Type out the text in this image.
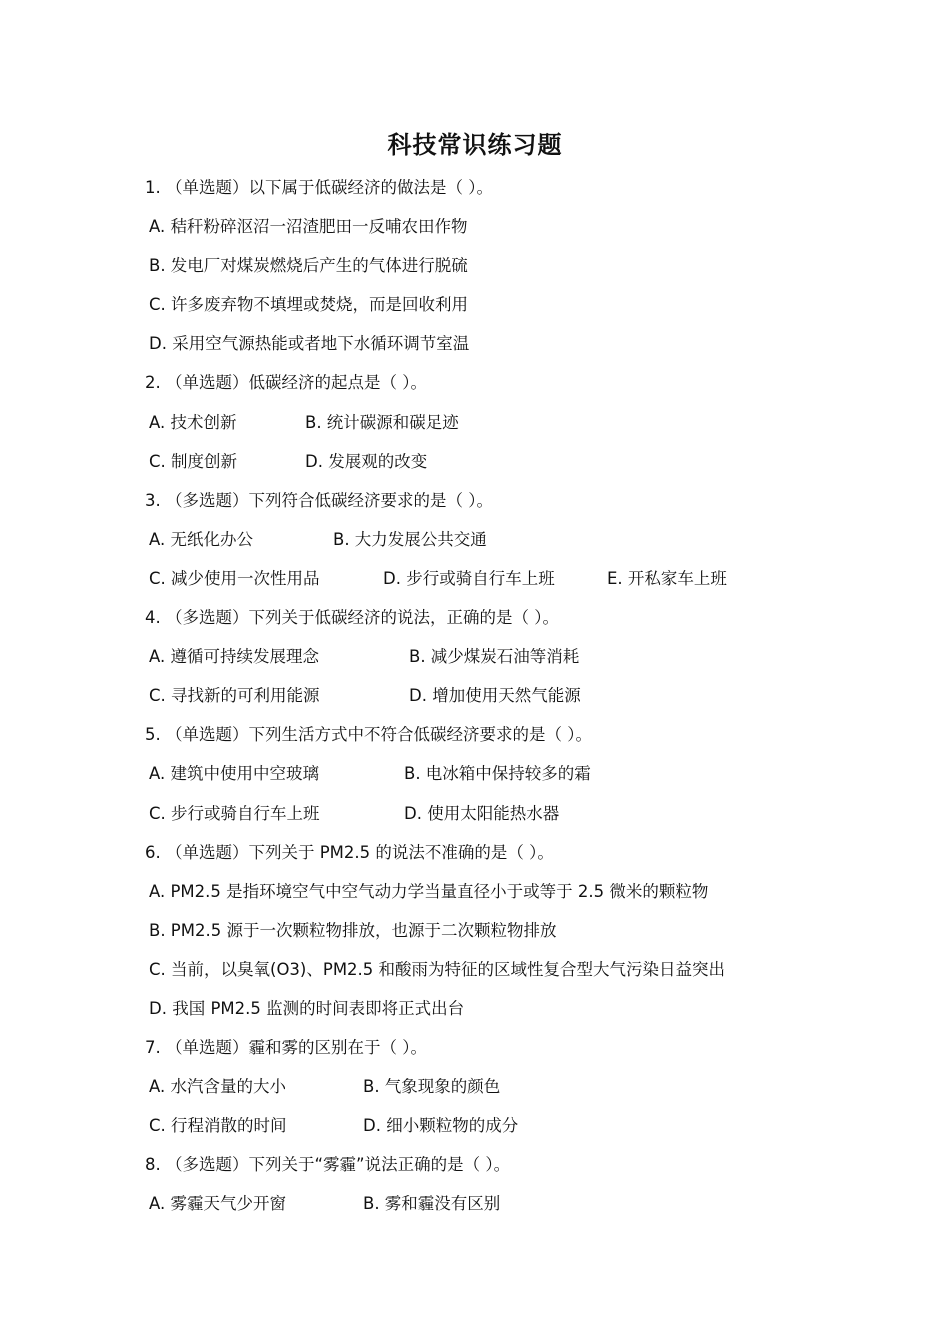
科技常识练习题
1. （单选题）以下属于低碳经济的做法是（ ）。
A. 秸秆粉碎沤沼一沼渣肥田一反哺农田作物
B. 发电厂对煤炭燃烧后产生的气体进行脱硫
C. 许多废弃物不填埋或焚烧，而是回收利用
D. 采用空气源热能或者地下水循环调节室温
2. （单选题）低碳经济的起点是（ ）。
A. 技术创新	B. 统计碳源和碳足迹
C. 制度创新	D. 发展观的改变
3. （多选题）下列符合低碳经济要求的是（ ）。
A. 无纸化办公	B. 大力发展公共交通
C. 减少使用一次性用品	D. 步行或骑自行车上班	E. 开私家车上班
4. （多选题）下列关于低碳经济的说法，正确的是（ ）。
A. 遵循可持续发展理念	B. 减少煤炭石油等消耗
C. 寻找新的可利用能源	D. 增加使用天然气能源
5. （单选题）下列生活方式中不符合低碳经济要求的是（ ）。
A. 建筑中使用中空玻璃	B. 电冰箱中保持较多的霜
C. 步行或骑自行车上班	D. 使用太阳能热水器
6. （单选题）下列关于 PM2.5 的说法不准确的是（ ）。
A. PM2.5 是指环境空气中空气动力学当量直径小于或等于 2.5 微米的颗粒物
B. PM2.5 源于一次颗粒物排放，也源于二次颗粒物排放
C. 当前，以臭氧(O3)、PM2.5 和酸雨为特征的区域性复合型大气污染日益突出
D. 我国 PM2.5 监测的时间表即将正式出台
7. （单选题）霾和雾的区别在于（ ）。
A. 水汽含量的大小	B. 气象现象的颜色
C. 行程消散的时间	D. 细小颗粒物的成分
8. （多选题）下列关于“雾霾”说法正确的是（ ）。
A. 雾霾天气少开窗	B. 雾和霾没有区别
